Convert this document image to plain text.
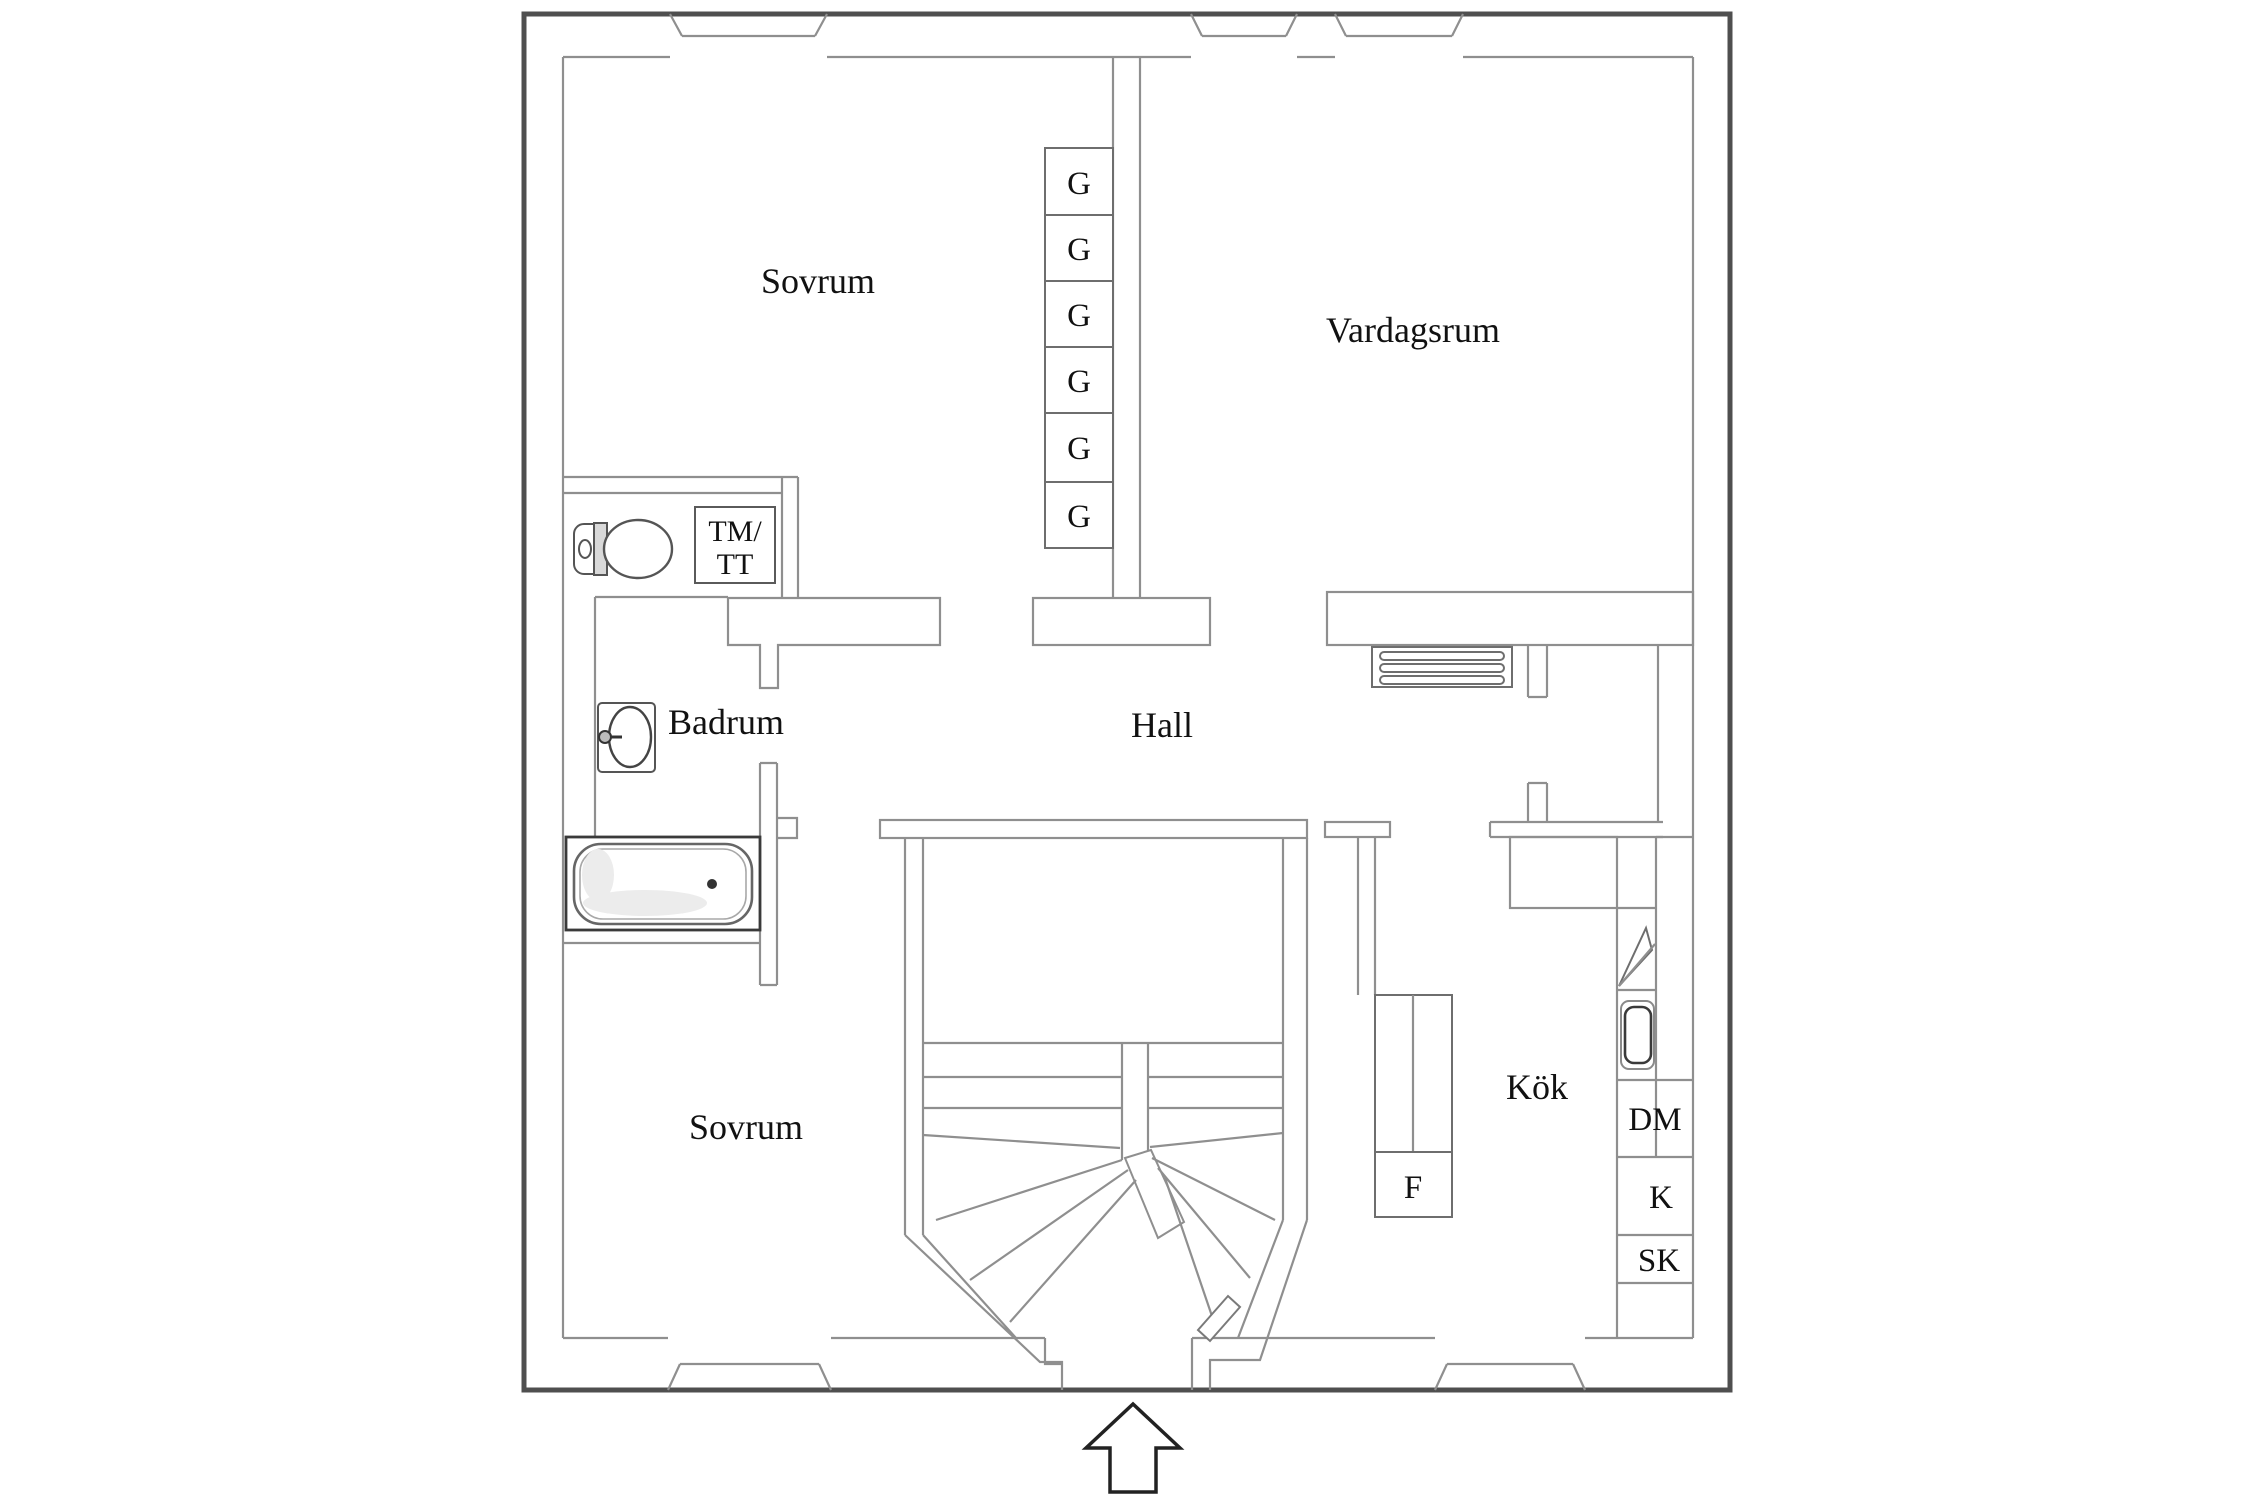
G
G
G
G
G
G
TM/
TT
F
DM
K
SK
Sovrum
Vardagsrum
Hall
Badrum
Sovrum
Kök
